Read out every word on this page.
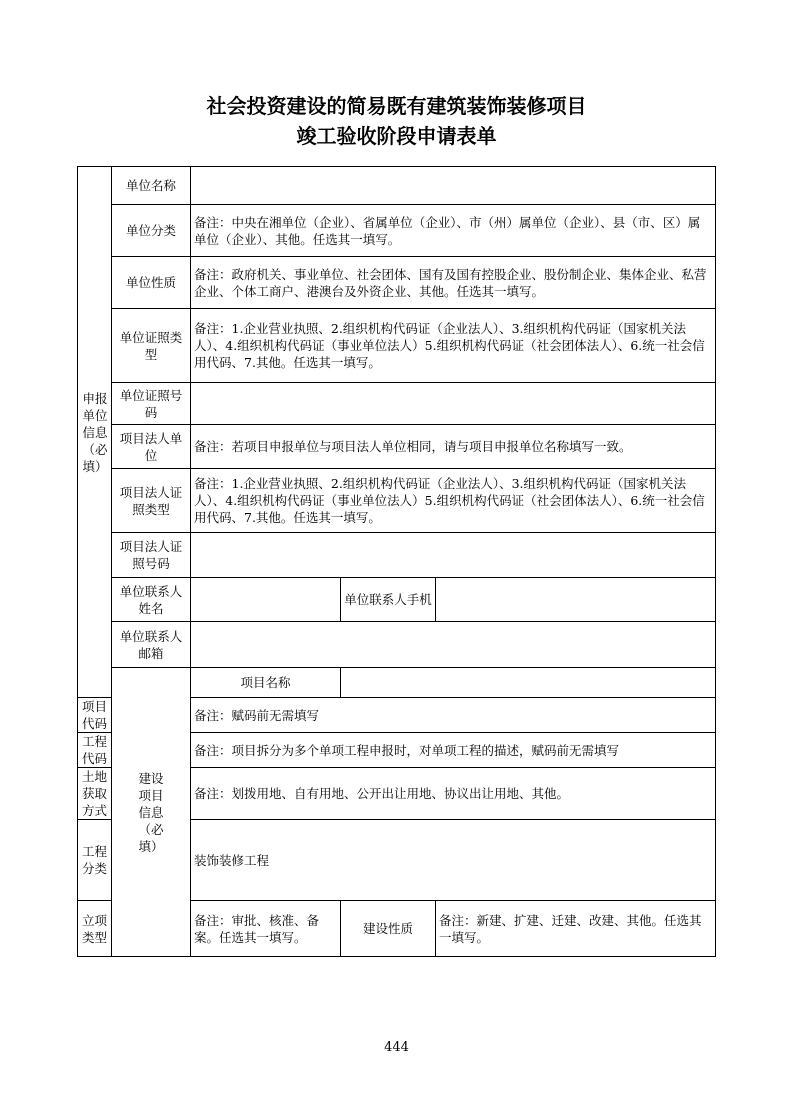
社会投资建设的简易既有建筑装饰装修项目
竣工验收阶段申请表单
申报单位信息（必填）	单位名称			
	单位分类	备注：中央在湘单位（企业）、省属单位（企业）、市（州）属单位（企业）、县（市、区）属单位（企业）、其他。任选其一填写。		
	单位性质	备注：政府机关、事业单位、社会团体、国有及国有控股企业、股份制企业、集体企业、私营企业、个体工商户、港澳台及外资企业、其他。任选其一填写。		
	单位证照类型	备注：1.企业营业执照、2.组织机构代码证（企业法人）、3.组织机构代码证（国家机关法人）、4.组织机构代码证（事业单位法人）5.组织机构代码证（社会团体法人）、6.统一社会信用代码、7.其他。任选其一填写。		
	单位证照号码			
	项目法人单位	备注：若项目申报单位与项目法人单位相同，请与项目申报单位名称填写一致。		
	项目法人证照类型	备注：1.企业营业执照、2.组织机构代码证（企业法人）、3.组织机构代码证（国家机关法人）、4.组织机构代码证（事业单位法人）5.组织机构代码证（社会团体法人）、6.统一社会信用代码、7.其他。任选其一填写。		
	项目法人证照号码			
	单位联系人姓名		单位联系人手机	
	单位联系人邮箱			
	建设项目信息（必填）	项目名称		
项目代码		备注：赋码前无需填写		
工程代码		备注：项目拆分为多个单项工程申报时，对单项工程的描述，赋码前无需填写		
土地获取方式		备注：划拨用地、自有用地、公开出让用地、协议出让用地、其他。		
工程分类		装饰装修工程		
立项类型		备注：审批、核准、备案。任选其一填写。	建设性质	备注：新建、扩建、迁建、改建、其他。任选其一填写。
444
